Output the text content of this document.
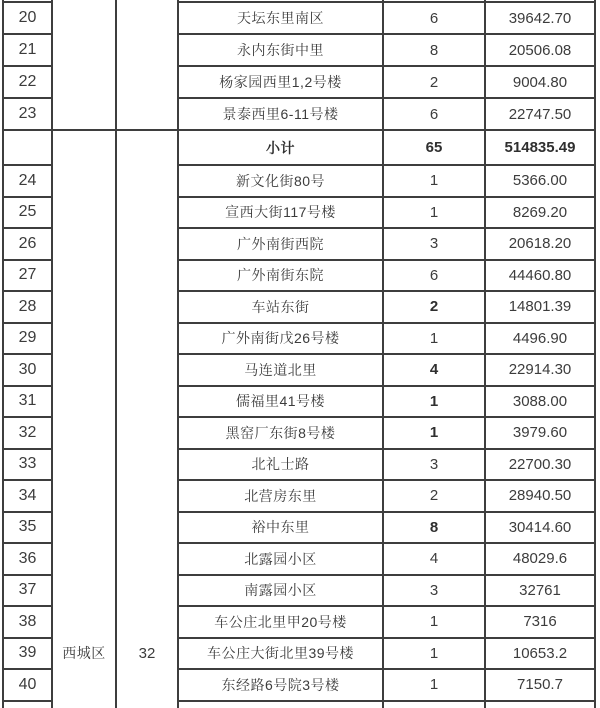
西城区	32
20	天坛东里南区	6	39642.70
21	永内东街中里	8	20506.08
22	杨家园西里1,2号楼	2	9004.80
23	景泰西里6-11号楼	6	22747.50
小计	65	514835.49
24	新文化街80号	1	5366.00
25	宣西大街117号楼	1	8269.20
26	广外南街西院	3	20618.20
27	广外南街东院	6	44460.80
28	车站东街	2	14801.39
29	广外南街戊26号楼	1	4496.90
30	马连道北里	4	22914.30
31	儒福里41号楼	1	3088.00
32	黑窑厂东街8号楼	1	3979.60
33	北礼士路	3	22700.30
34	北营房东里	2	28940.50
35	裕中东里	8	30414.60
36	北露园小区	4	48029.6
37	南露园小区	3	32761
38	车公庄北里甲20号楼	1	7316
39	车公庄大街北里39号楼	1	10653.2
40	东经路6号院3号楼	1	7150.7
